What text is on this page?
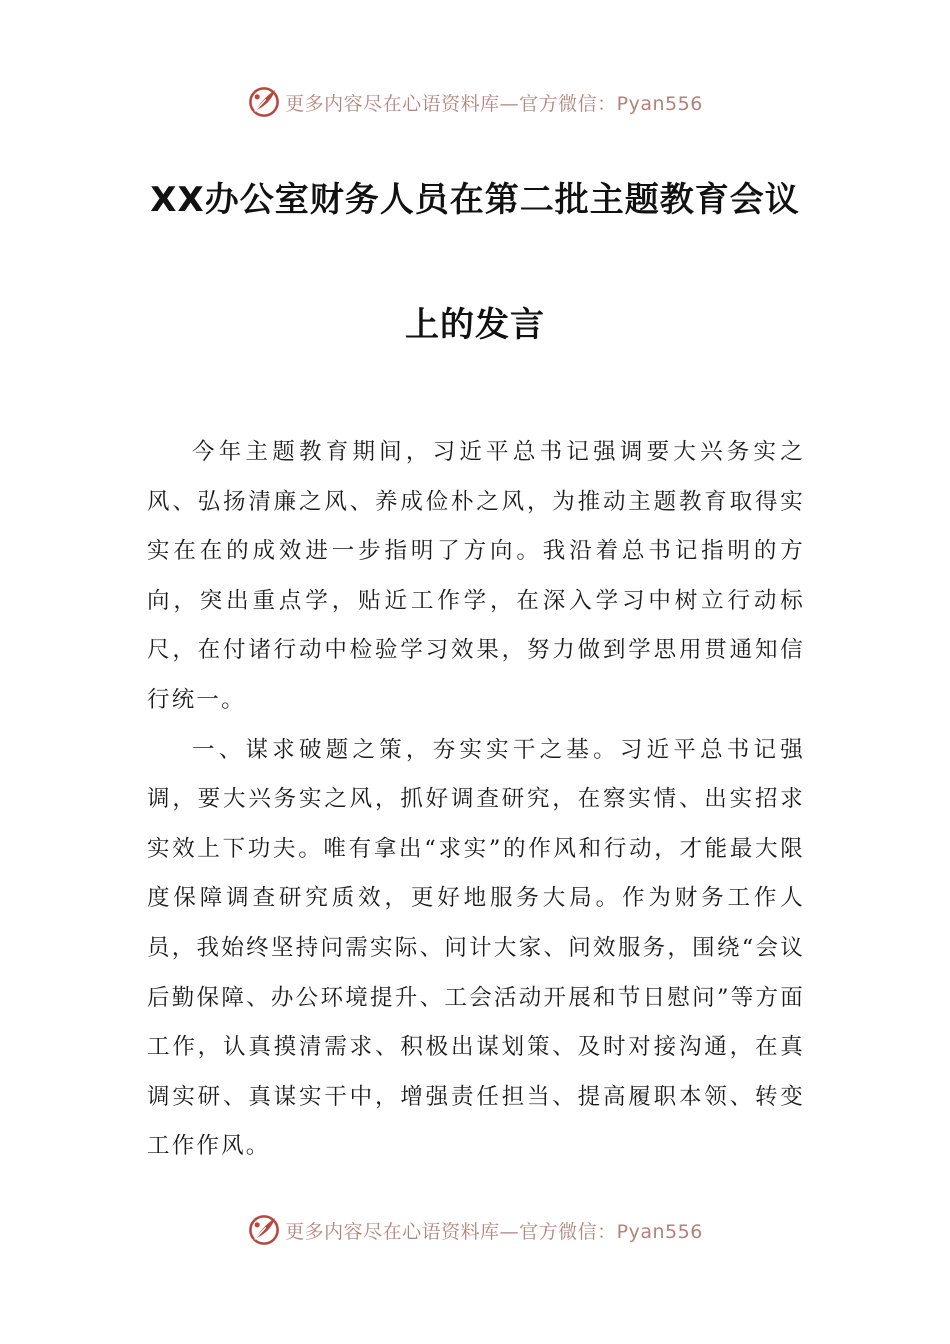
更多内容尽在心语资料库—官方微信：Pyan556
XX办公室财务人员在第二批主题教育会议
上的发言

今年主题教育期间，习近平总书记强调要大兴务实之风、弘扬清廉之风、养成俭朴之风，为推动主题教育取得实实在在的成效进一步指明了方向。我沿着总书记指明的方向，突出重点学，贴近工作学，在深入学习中树立行动标尺，在付诸行动中检验学习效果，努力做到学思用贯通知信行统一。

一、谋求破题之策，夯实实干之基。习近平总书记强调，要大兴务实之风，抓好调查研究，在察实情、出实招求实效上下功夫。唯有拿出“求实”的作风和行动，才能最大限度保障调查研究质效，更好地服务大局。作为财务工作人员，我始终坚持问需实际、问计大家、问效服务，围绕“会议后勤保障、办公环境提升、工会活动开展和节日慰问”等方面工作，认真摸清需求、积极出谋划策、及时对接沟通，在真调实研、真谋实干中，增强责任担当、提高履职本领、转变工作作风。

更多内容尽在心语资料库—官方微信：Pyan556
